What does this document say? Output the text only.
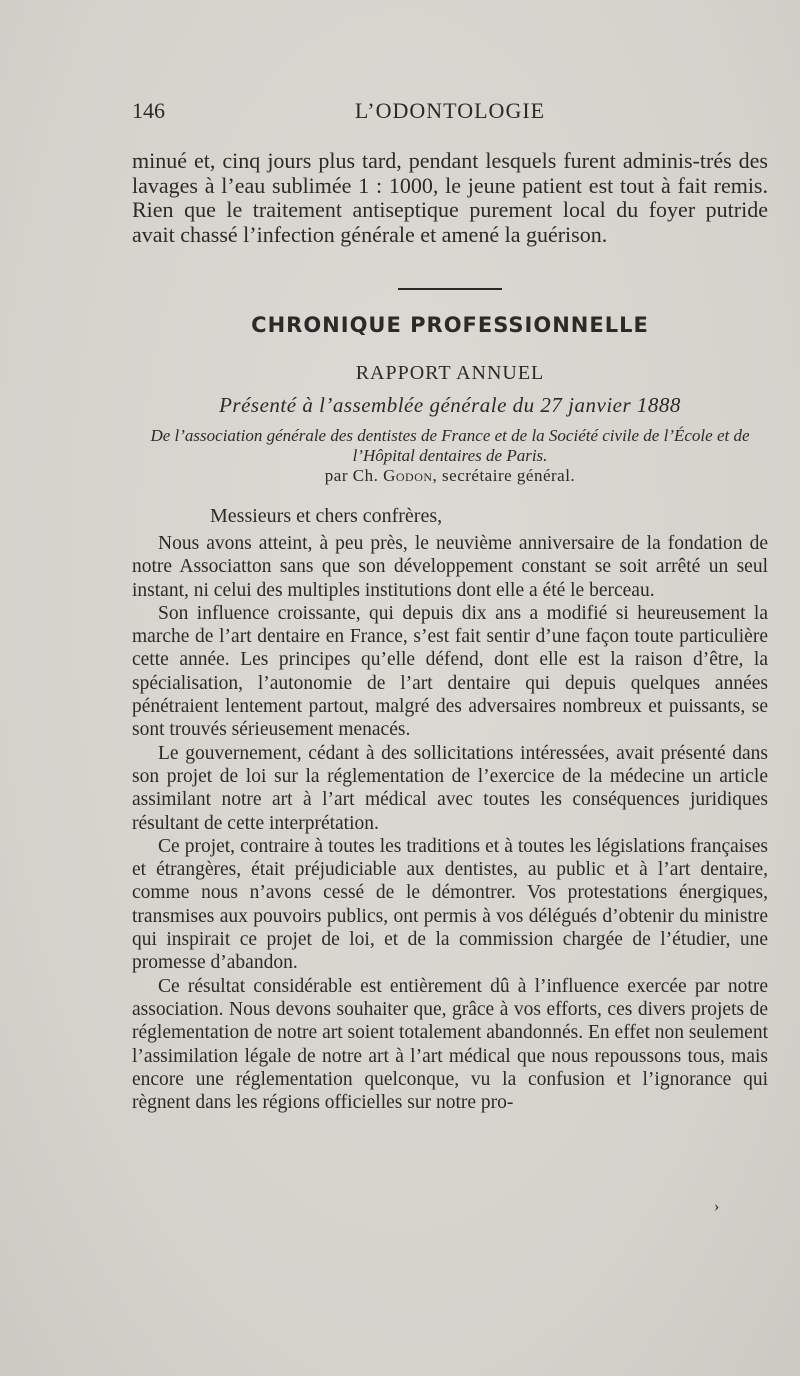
146	L’ODONTOLOGIE

minué et, cinq jours plus tard, pendant lesquels furent adminis-trés des lavages à l’eau sublimée 1 : 1000, le jeune patient est tout à fait remis. Rien que le traitement antiseptique purement local du foyer putride avait chassé l’infection générale et amené la guérison.

CHRONIQUE PROFESSIONNELLE
RAPPORT ANNUEL
Présenté à l’assemblée générale du 27 janvier 1888
De l’association générale des dentistes de France et de la Société civile de l’École et de l’Hôpital dentaires de Paris.
par Ch. Godon, secrétaire général.
Messieurs et chers confrères,

Nous avons atteint, à peu près, le neuvième anniversaire de la fondation de notre Associatton sans que son développement constant se soit arrêté un seul instant, ni celui des multiples institutions dont elle a été le berceau.

Son influence croissante, qui depuis dix ans a modifié si heureusement la marche de l’art dentaire en France, s’est fait sentir d’une façon toute particulière cette année. Les principes qu’elle défend, dont elle est la raison d’être, la spécialisation, l’autonomie de l’art dentaire qui depuis quelques années pénétraient lentement partout, malgré des adversaires nombreux et puissants, se sont trouvés sérieusement menacés.

Le gouvernement, cédant à des sollicitations intéressées, avait présenté dans son projet de loi sur la réglementation de l’exercice de la médecine un article assimilant notre art à l’art médical avec toutes les conséquences juridiques résultant de cette interprétation.

Ce projet, contraire à toutes les traditions et à toutes les législations françaises et étrangères, était préjudiciable aux dentistes, au public et à l’art dentaire, comme nous n’avons cessé de le démontrer. Vos protestations énergiques, transmises aux pouvoirs publics, ont permis à vos délégués d’obtenir du ministre qui inspirait ce projet de loi, et de la commission chargée de l’étudier, une promesse d’abandon.

Ce résultat considérable est entièrement dû à l’influence exercée par notre association. Nous devons souhaiter que, grâce à vos efforts, ces divers projets de réglementation de notre art soient totalement abandonnés. En effet non seulement l’assimilation légale de notre art à l’art médical que nous repoussons tous, mais encore une réglementation quelconque, vu la confusion et l’ignorance qui règnent dans les régions officielles sur notre pro-

›
